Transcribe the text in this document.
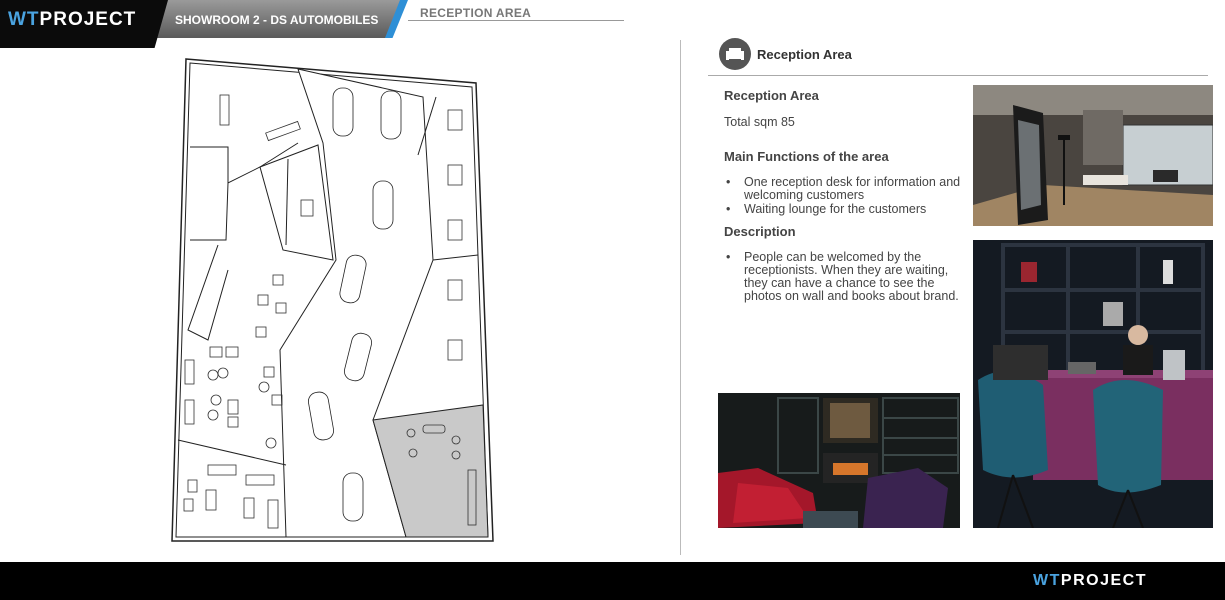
SHOWROOM 2 - DS AUTOMOBILES
WTPROJECT	RECEPTION AREA
Reception Area
Reception Area
Total sqm 85
Main Functions of the area
• One reception desk for information and welcoming customers
• Waiting lounge for the customers
Description
• People can be welcomed by the receptionists. When they are waiting, they can have a chance to see the photos on wall and books about brand.
WTPROJECT
